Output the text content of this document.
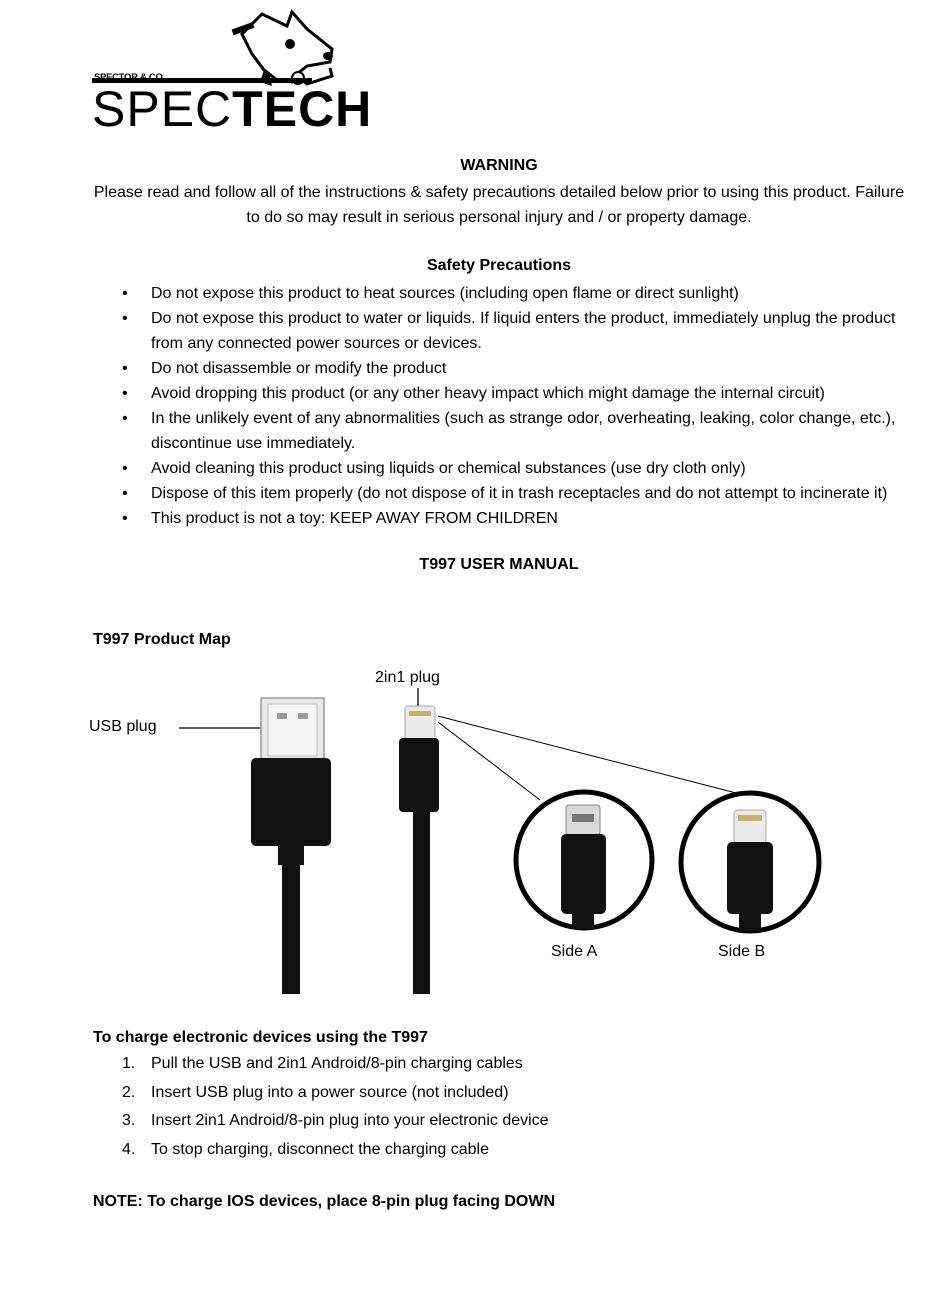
SPECTOR & CO.
SPECTECH
WARNING
Please read and follow all of the instructions & safety precautions detailed below prior to using this product. Failure to do so may result in serious personal injury and / or property damage.
Safety Precautions
• Do not expose this product to heat sources (including open flame or direct sunlight)
• Do not expose this product to water or liquids. If liquid enters the product, immediately unplug the product from any connected power sources or devices.
• Do not disassemble or modify the product
• Avoid dropping this product (or any other heavy impact which might damage the internal circuit)
• In the unlikely event of any abnormalities (such as strange odor, overheating, leaking, color change, etc.), discontinue use immediately.
• Avoid cleaning this product using liquids or chemical substances (use dry cloth only)
• Dispose of this item properly (do not dispose of it in trash receptacles and do not attempt to incinerate it)
• This product is not a toy: KEEP AWAY FROM CHILDREN
T997 USER MANUAL
T997 Product Map
2in1 plug
USB plug
Side A	Side B
To charge electronic devices using the T997
1. Pull the USB and 2in1 Android/8-pin charging cables
2. Insert USB plug into a power source (not included)
3. Insert 2in1 Android/8-pin plug into your electronic device
4. To stop charging, disconnect the charging cable
NOTE: To charge IOS devices, place 8-pin plug facing DOWN
